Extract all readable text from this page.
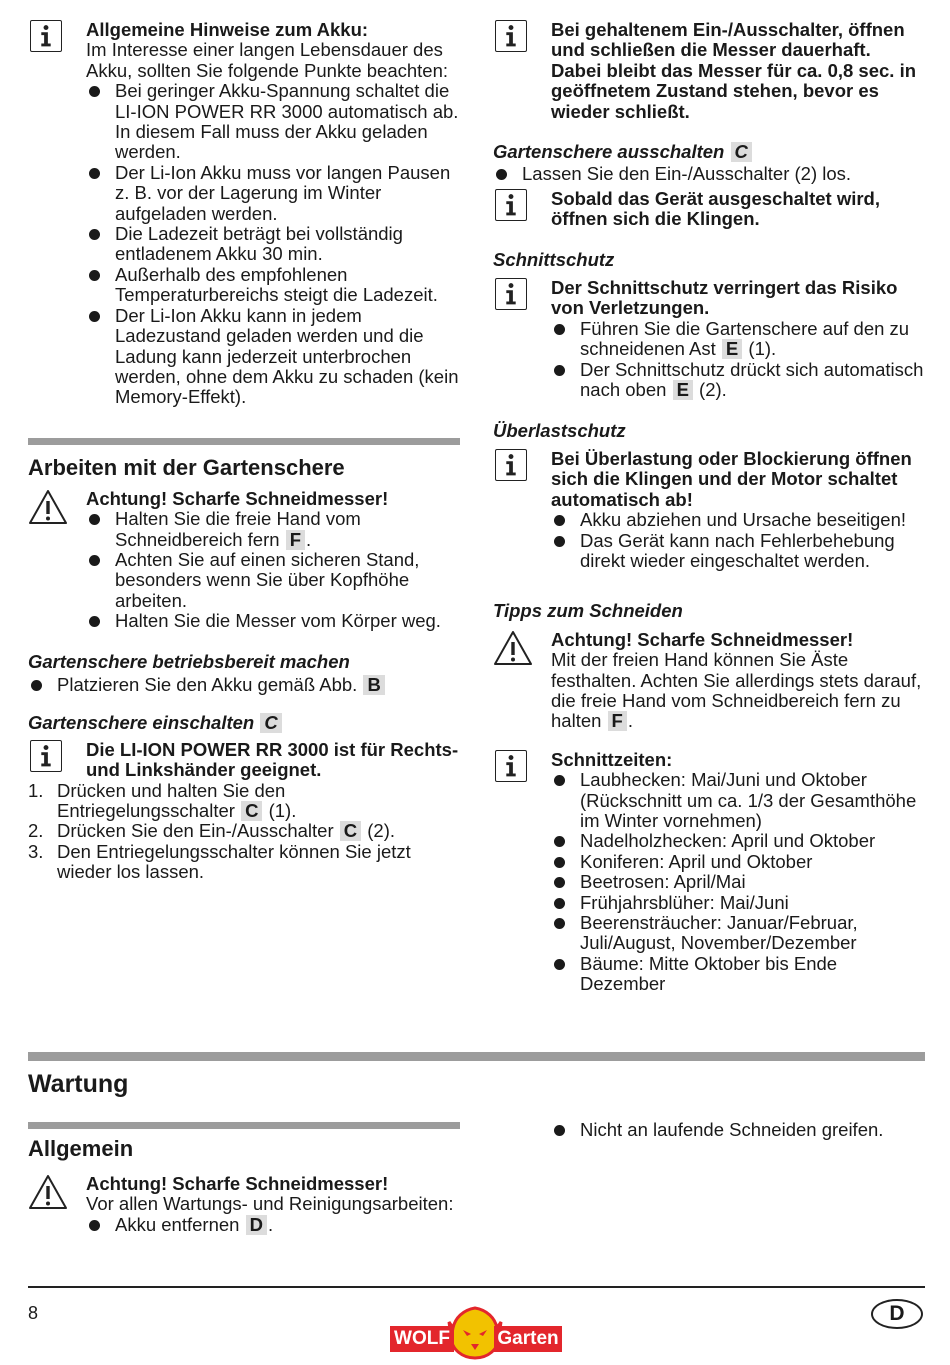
Allgemeine Hinweise zum Akku:
Im Interesse einer langen Lebensdauer des Akku, sollten Sie folgende Punkte beachten:
Bei geringer Akku-Spannung schaltet die LI-ION POWER RR 3000 automatisch ab. In diesem Fall muss der Akku geladen werden.
Der Li-Ion Akku muss vor langen Pausen z. B. vor der Lagerung im Winter aufgeladen werden.
Die Ladezeit beträgt bei vollständig entladenem Akku 30 min.
Außerhalb des empfohlenen Temperaturbereichs steigt die Ladezeit.
Der Li-Ion Akku kann in jedem Ladezustand geladen werden und die Ladung kann jederzeit unterbrochen werden, ohne dem Akku zu schaden (kein Memory-Effekt).
Arbeiten mit der Gartenschere
Achtung! Scharfe Schneidmesser!
Halten Sie die freie Hand vom Schneidbereich fern F .
Achten Sie auf einen sicheren Stand, besonders wenn Sie über Kopfhöhe arbeiten.
Halten Sie die Messer vom Körper weg.
Gartenschere betriebsbereit machen
Platzieren Sie den Akku gemäß Abb. B
Gartenschere einschalten C
Die LI-ION POWER RR 3000 ist für Rechts- und Linkshänder geeignet.
1. Drücken und halten Sie den Entriegelungsschalter C (1).
2. Drücken Sie den Ein-/Ausschalter C (2).
3. Den Entriegelungsschalter können Sie jetzt wieder los lassen.
Bei gehaltenem Ein-/Ausschalter, öffnen und schließen die Messer dauerhaft. Dabei bleibt das Messer für ca. 0,8 sec. in geöffnetem Zustand stehen, bevor es wieder schließt.
Gartenschere ausschalten C
Lassen Sie den Ein-/Ausschalter (2) los.
Sobald das Gerät ausgeschaltet wird, öffnen sich die Klingen.
Schnittschutz
Der Schnittschutz verringert das Risiko von Verletzungen.
Führen Sie die Gartenschere auf den zu schneidenen Ast E (1).
Der Schnittschutz drückt sich automatisch nach oben E (2).
Überlastschutz
Bei Überlastung oder Blockierung öffnen sich die Klingen und der Motor schaltet automatisch ab!
Akku abziehen und Ursache beseitigen!
Das Gerät kann nach Fehlerbehebung direkt wieder eingeschaltet werden.
Tipps zum Schneiden
Achtung! Scharfe Schneidmesser!
Mit der freien Hand können Sie Äste festhalten. Achten Sie allerdings stets darauf, die freie Hand vom Schneidbereich fern zu halten F .
Schnittzeiten:
Laubhecken: Mai/Juni und Oktober (Rückschnitt um ca. 1/3 der Gesamthöhe im Winter vornehmen)
Nadelholzhecken: April und Oktober
Koniferen: April und Oktober
Beetrosen: April/Mai
Frühjahrsblüher: Mai/Juni
Beerensträucher: Januar/Februar, Juli/August, November/Dezember
Bäume: Mitte Oktober bis Ende Dezember
Wartung
Allgemein
Achtung! Scharfe Schneidmesser!
Vor allen Wartungs- und Reinigungsarbeiten:
Akku entfernen D .
Nicht an laufende Schneiden greifen.
8	D
WOLF Garten
